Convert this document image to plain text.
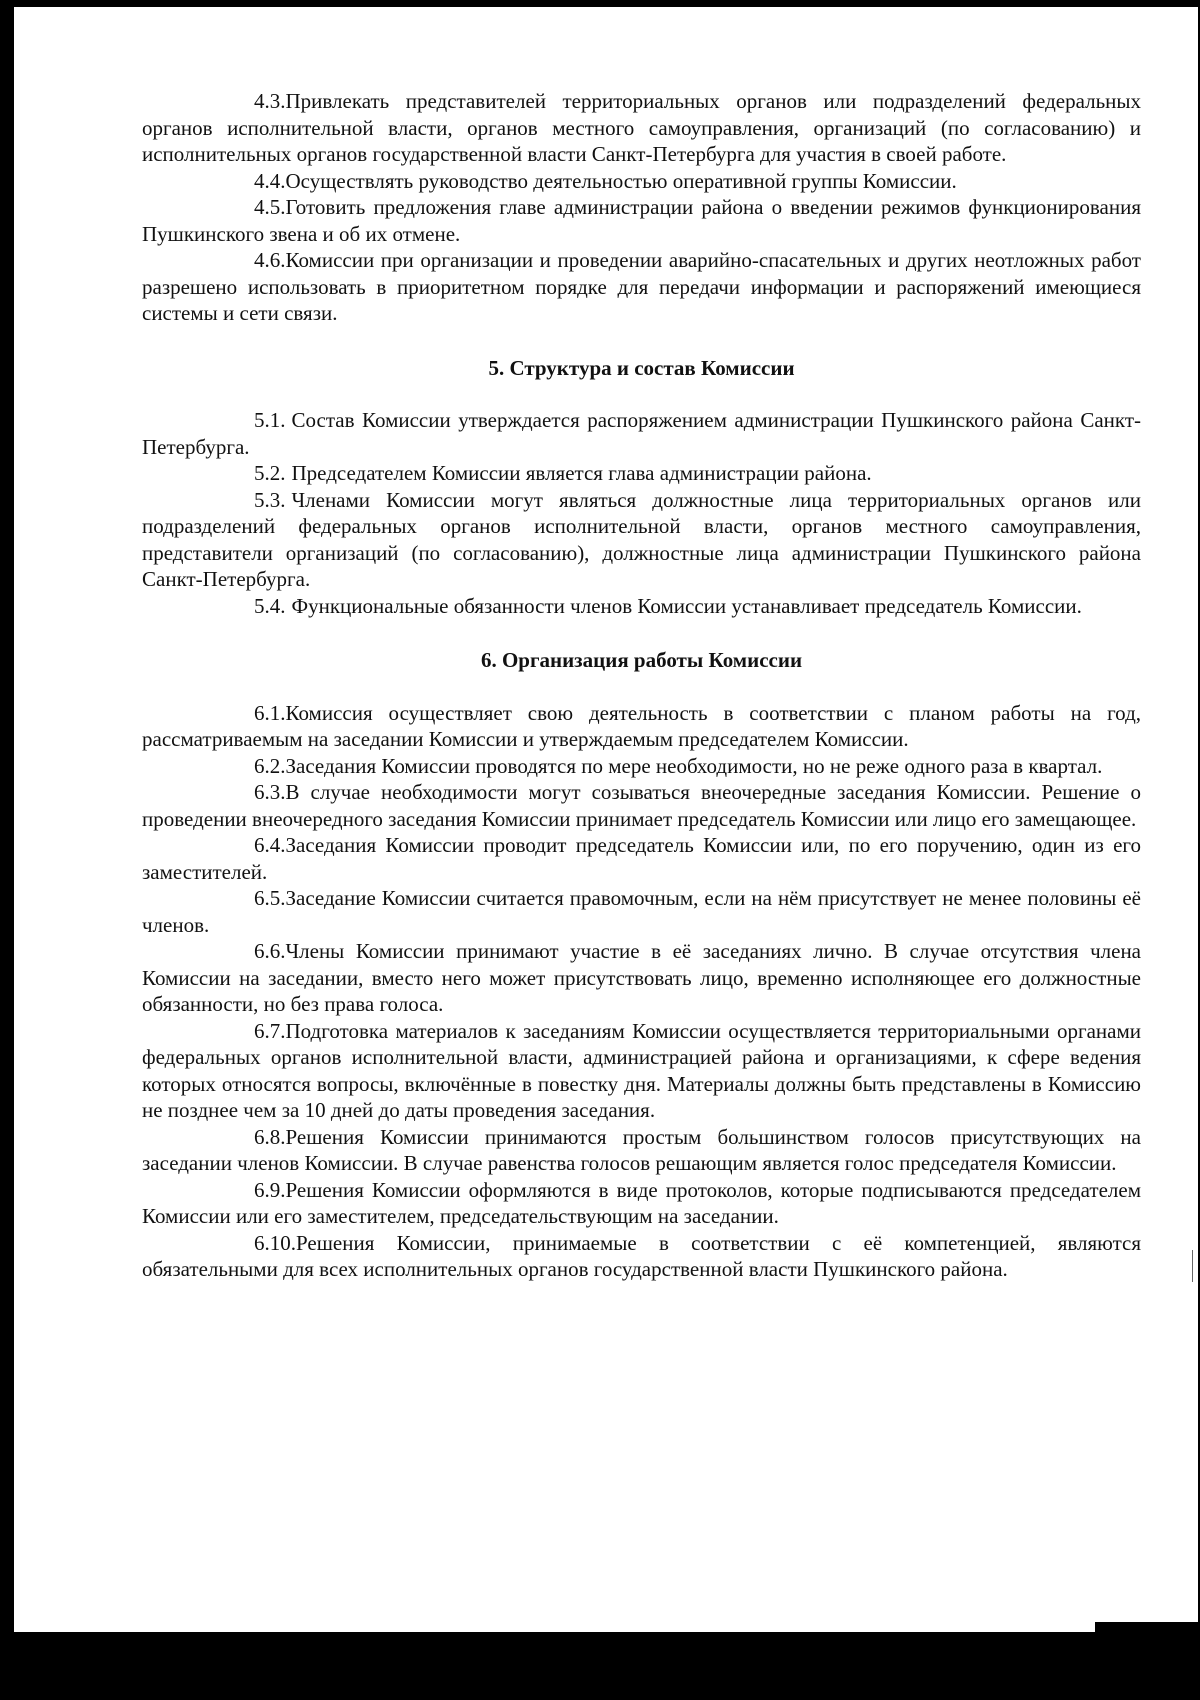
4.3.Привлекать представителей территориальных органов или подразделений федеральных органов исполнительной власти, органов местного самоуправления, организаций (по согласованию) и исполнительных органов государственной власти Санкт-Петербурга для участия в своей работе.

4.4.Осуществлять руководство деятельностью оперативной группы Комиссии.

4.5.Готовить предложения главе администрации района о введении режимов функционирования Пушкинского звена и об их отмене.

4.6.Комиссии при организации и проведении аварийно-спасательных и других неотложных работ разрешено использовать в приоритетном порядке для передачи информации и распоряжений имеющиеся системы и сети связи.

5. Структура и состав Комиссии

5.1. Состав Комиссии утверждается распоряжением администрации Пушкинского района Санкт-Петербурга.

5.2. Председателем Комиссии является глава администрации района.

5.3. Членами Комиссии могут являться должностные лица территориальных органов или подразделений федеральных органов исполнительной власти, органов местного самоуправления, представители организаций (по согласованию), должностные лица администрации Пушкинского района Санкт-Петербурга.

5.4. Функциональные обязанности членов Комиссии устанавливает председатель Комиссии.

6. Организация работы Комиссии

6.1.Комиссия осуществляет свою деятельность в соответствии с планом работы на год, рассматриваемым на заседании Комиссии и утверждаемым председателем Комиссии.

6.2.Заседания Комиссии проводятся по мере необходимости, но не реже одного раза в квартал.

6.3.В случае необходимости могут созываться внеочередные заседания Комиссии. Решение о проведении внеочередного заседания Комиссии принимает председатель Комиссии или лицо его замещающее.

6.4.Заседания Комиссии проводит председатель Комиссии или, по его поручению, один из его заместителей.

6.5.Заседание Комиссии считается правомочным, если на нём присутствует не менее половины её членов.

6.6.Члены Комиссии принимают участие в её заседаниях лично. В случае отсутствия члена Комиссии на заседании, вместо него может присутствовать лицо, временно исполняющее его должностные обязанности, но без права голоса.

6.7.Подготовка материалов к заседаниям Комиссии осуществляется территориальными органами федеральных органов исполнительной власти, администрацией района и организациями, к сфере ведения которых относятся вопросы, включённые в повестку дня. Материалы должны быть представлены в Комиссию не позднее чем за 10 дней до даты проведения заседания.

6.8.Решения Комиссии принимаются простым большинством голосов присутствующих на заседании членов Комиссии. В случае равенства голосов решающим является голос председателя Комиссии.

6.9.Решения Комиссии оформляются в виде протоколов, которые подписываются председателем Комиссии или его заместителем, председательствующим на заседании.

6.10.Решения Комиссии, принимаемые в соответствии с её компетенцией, являются обязательными для всех исполнительных органов государственной власти Пушкинского района.
